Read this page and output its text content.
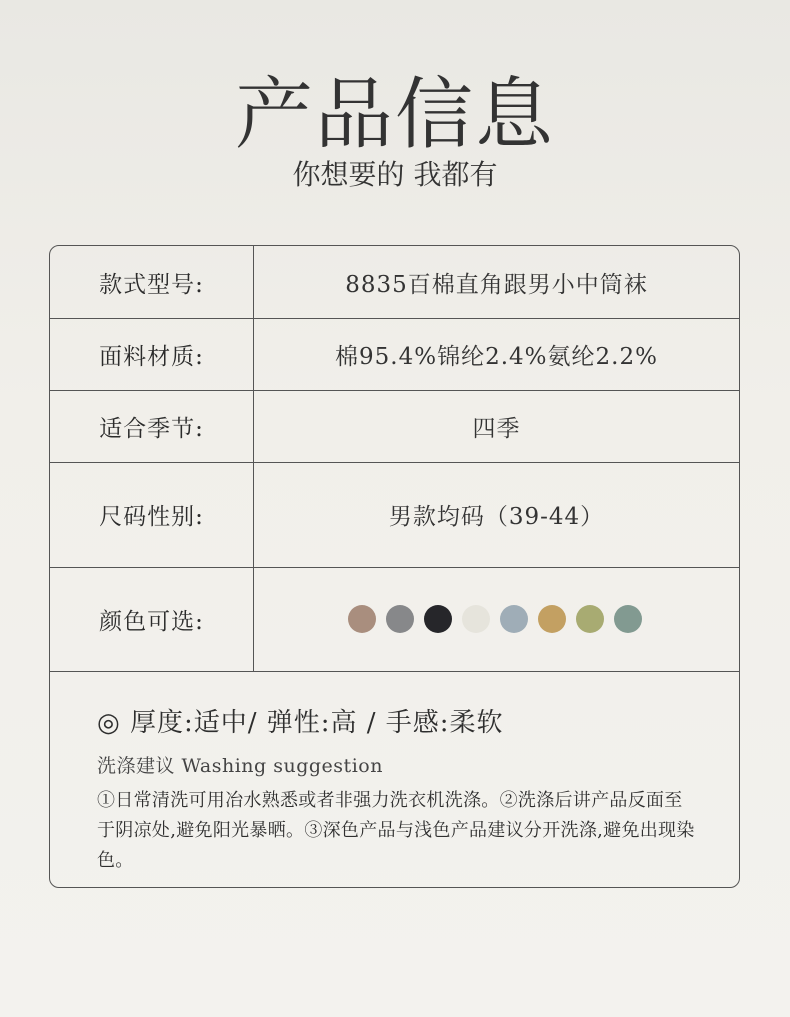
产品信息
你想要的 我都有
款式型号:	8835百棉直角跟男小中筒袜
面料材质:	棉95.4%锦纶2.4%氨纶2.2%
适合季节:	四季
尺码性别:	男款均码（39-44）
颜色可选:
◎ 厚度:适中/ 弹性:高 / 手感:柔软
洗涤建议 Washing suggestion
①日常清洗可用冶水熟悉或者非强力洗衣机洗涤。②洗涤后讲产品反面至于阴凉处,避免阳光暴晒。③深色产品与浅色产品建议分开洗涤,避免出现染色。
